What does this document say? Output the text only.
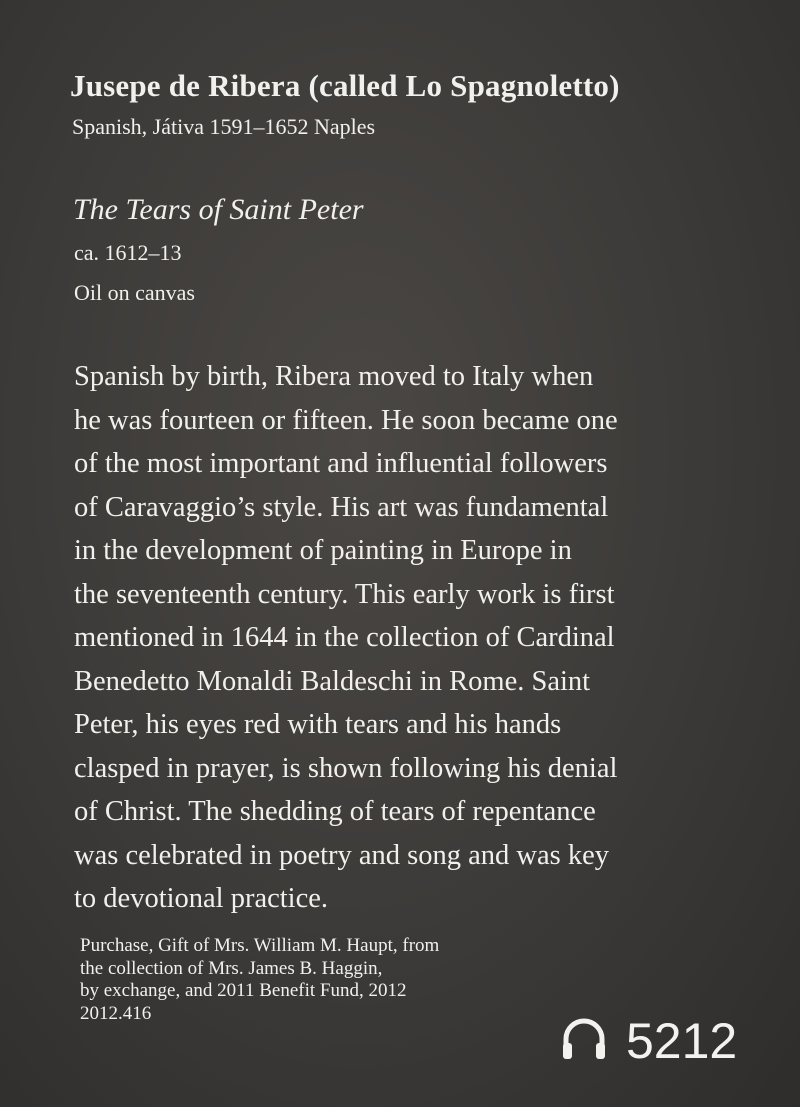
Jusepe de Ribera (called Lo Spagnoletto)
Spanish, Játiva 1591–1652 Naples
The Tears of Saint Peter
ca. 1612–13
Oil on canvas
Spanish by birth, Ribera moved to Italy when
he was fourteen or fifteen. He soon became one
of the most important and influential followers
of Caravaggio’s style. His art was fundamental
in the development of painting in Europe in
the seventeenth century. This early work is first
mentioned in 1644 in the collection of Cardinal
Benedetto Monaldi Baldeschi in Rome. Saint
Peter, his eyes red with tears and his hands
clasped in prayer, is shown following his denial
of Christ. The shedding of tears of repentance
was celebrated in poetry and song and was key
to devotional practice.
Purchase, Gift of Mrs. William M. Haupt, from
the collection of Mrs. James B. Haggin,
by exchange, and 2011 Benefit Fund, 2012
2012.416	5212
